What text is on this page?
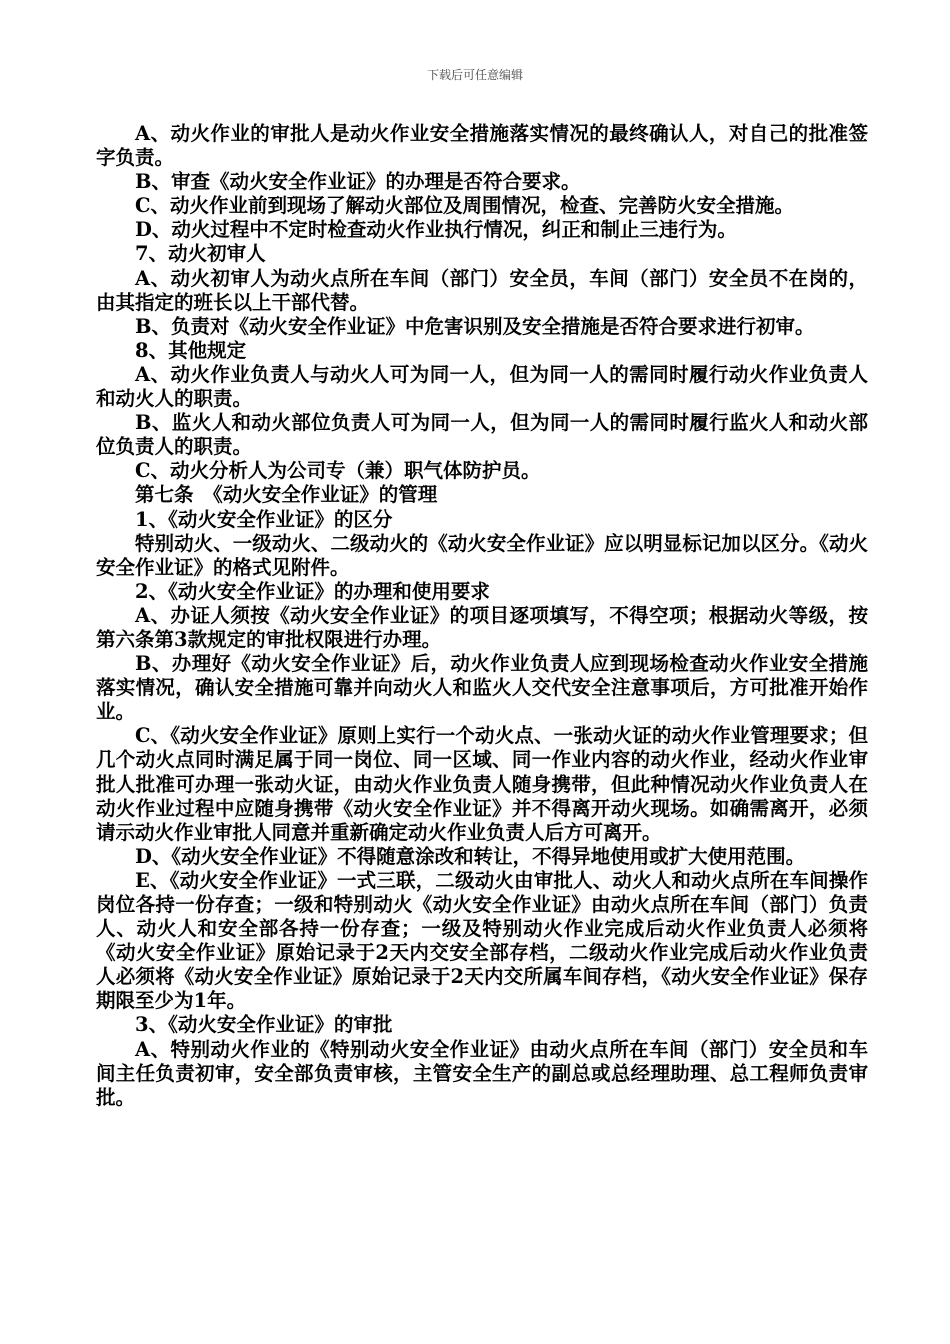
下载后可任意编辑

A、动火作业的审批人是动火作业安全措施落实情况的最终确认人，对自己的批准签字负责。

B、审查《动火安全作业证》的办理是否符合要求。

C、动火作业前到现场了解动火部位及周围情况，检查、完善防火安全措施。

D、动火过程中不定时检查动火作业执行情况，纠正和制止三违行为。

7、动火初审人

A、动火初审人为动火点所在车间（部门）安全员，车间（部门）安全员不在岗的，由其指定的班长以上干部代替。

B、负责对《动火安全作业证》中危害识别及安全措施是否符合要求进行初审。

8、其他规定

A、动火作业负责人与动火人可为同一人，但为同一人的需同时履行动火作业负责人和动火人的职责。

B、监火人和动火部位负责人可为同一人，但为同一人的需同时履行监火人和动火部位负责人的职责。

C、动火分析人为公司专（兼）职气体防护员。

第七条　《动火安全作业证》的管理

1、《动火安全作业证》的区分

特别动火、一级动火、二级动火的《动火安全作业证》应以明显标记加以区分。《动火安全作业证》的格式见附件。

2、《动火安全作业证》的办理和使用要求

A、办证人须按《动火安全作业证》的项目逐项填写，不得空项；根据动火等级，按第六条第3款规定的审批权限进行办理。

B、办理好《动火安全作业证》后，动火作业负责人应到现场检查动火作业安全措施落实情况，确认安全措施可靠并向动火人和监火人交代安全注意事项后，方可批准开始作业。

C、《动火安全作业证》原则上实行一个动火点、一张动火证的动火作业管理要求；但几个动火点同时满足属于同一岗位、同一区域、同一作业内容的动火作业，经动火作业审批人批准可办理一张动火证，由动火作业负责人随身携带，但此种情况动火作业负责人在动火作业过程中应随身携带《动火安全作业证》并不得离开动火现场。如确需离开，必须请示动火作业审批人同意并重新确定动火作业负责人后方可离开。

D、《动火安全作业证》不得随意涂改和转让，不得异地使用或扩大使用范围。

E、《动火安全作业证》一式三联，二级动火由审批人、动火人和动火点所在车间操作岗位各持一份存查；一级和特别动火《动火安全作业证》由动火点所在车间（部门）负责人、动火人和安全部各持一份存查；一级及特别动火作业完成后动火作业负责人必须将《动火安全作业证》原始记录于2天内交安全部存档，二级动火作业完成后动火作业负责人必须将《动火安全作业证》原始记录于2天内交所属车间存档，《动火安全作业证》保存期限至少为1年。

3、《动火安全作业证》的审批

A、特别动火作业的《特别动火安全作业证》由动火点所在车间（部门）安全员和车间主任负责初审，安全部负责审核，主管安全生产的副总或总经理助理、总工程师负责审批。
